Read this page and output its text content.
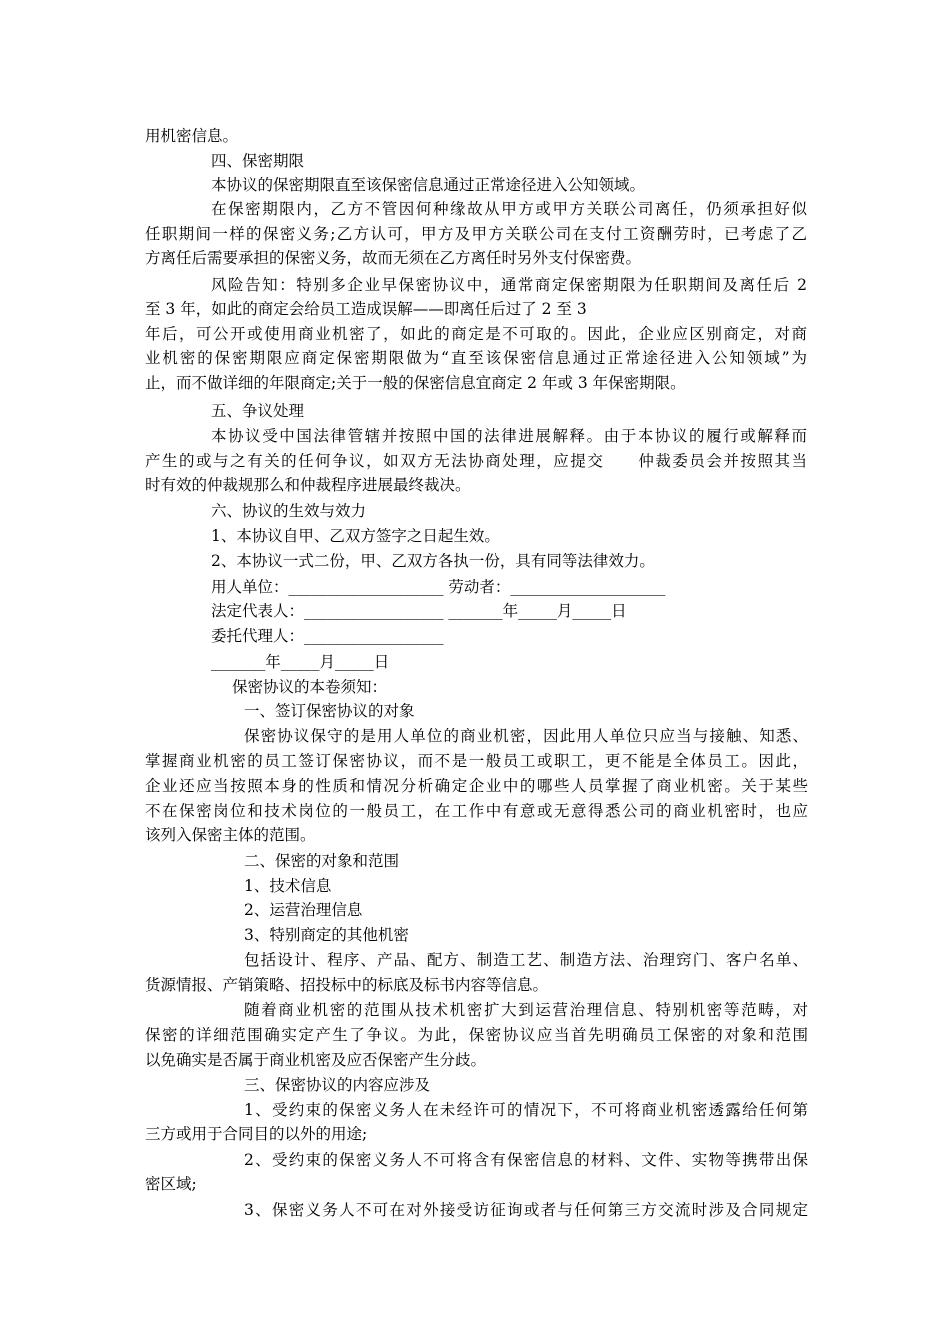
用机密信息。
四、保密期限
本协议的保密期限直至该保密信息通过正常途径进入公知领域。
在保密期限内，乙方不管因何种缘故从甲方或甲方关联公司离任，仍须承担好似
任职期间一样的保密义务;乙方认可，甲方及甲方关联公司在支付工资酬劳时，已考虑了乙
方离任后需要承担的保密义务，故而无须在乙方离任时另外支付保密费。
风险告知：特别多企业早保密协议中，通常商定保密期限为任职期间及离任后 2
至 3 年，如此的商定会给员工造成误解——即离任后过了 2 至 3
年后，可公开或使用商业机密了，如此的商定是不可取的。因此，企业应区别商定，对商
业机密的保密期限应商定保密期限做为“直至该保密信息通过正常途径进入公知领域”为
止，而不做详细的年限商定;关于一般的保密信息宜商定 2 年或 3 年保密期限。
五、争议处理
本协议受中国法律管辖并按照中国的法律进展解释。由于本协议的履行或解释而
产生的或与之有关的任何争议，如双方无法协商处理，应提交　　仲裁委员会并按照其当
时有效的仲裁规那么和仲裁程序进展最终裁决。
六、协议的生效与效力
1、本协议自甲、乙双方签字之日起生效。
2、本协议一式二份，甲、乙双方各执一份，具有同等法律效力。
用人单位：____________________ 劳动者：____________________
法定代表人：__________________ _______年_____月_____日
委托代理人：__________________
_______年_____月_____日
保密协议的本卷须知：
一、签订保密协议的对象
保密协议保守的是用人单位的商业机密，因此用人单位只应当与接触、知悉、
掌握商业机密的员工签订保密协议，而不是一般员工或职工，更不能是全体员工。因此，
企业还应当按照本身的性质和情况分析确定企业中的哪些人员掌握了商业机密。关于某些
不在保密岗位和技术岗位的一般员工，在工作中有意或无意得悉公司的商业机密时，也应
该列入保密主体的范围。
二、保密的对象和范围
1、技术信息
2、运营治理信息
3、特别商定的其他机密
包括设计、程序、产品、配方、制造工艺、制造方法、治理窍门、客户名单、
货源情报、产销策略、招投标中的标底及标书内容等信息。
随着商业机密的范围从技术机密扩大到运营治理信息、特别机密等范畴，对
保密的详细范围确实定产生了争议。为此，保密协议应当首先明确员工保密的对象和范围
以免确实是否属于商业机密及应否保密产生分歧。
三、保密协议的内容应涉及
1、受约束的保密义务人在未经许可的情况下，不可将商业机密透露给任何第
三方或用于合同目的以外的用途;
2、受约束的保密义务人不可将含有保密信息的材料、文件、实物等携带出保
密区域;
3、保密义务人不可在对外接受访征询或者与任何第三方交流时涉及合同规定
